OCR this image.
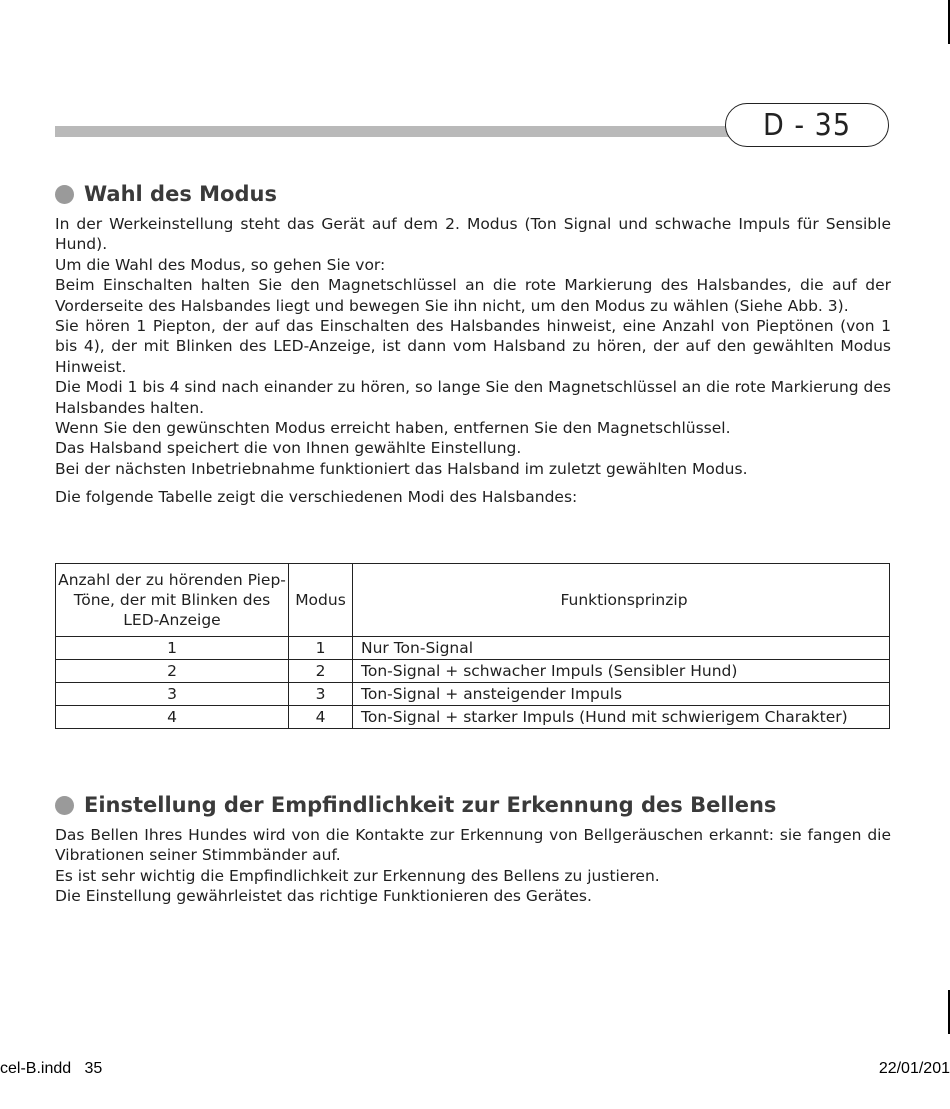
D - 35
Wahl des Modus

In der Werkeinstellung steht das Gerät auf dem 2. Modus (Ton Signal und schwache Impuls für Sensible Hund).

Um die Wahl des Modus, so gehen Sie vor:

Beim Einschalten halten Sie den Magnetschlüssel an die rote Markierung des Halsbandes, die auf der Vorderseite des Halsbandes liegt und bewegen Sie ihn nicht, um den Modus zu wählen (Siehe Abb. 3).

Sie hören 1 Piepton, der auf das Einschalten des Halsbandes hinweist, eine Anzahl von Pieptönen (von 1 bis 4), der mit Blinken des LED-Anzeige, ist dann vom Halsband zu hören, der auf den gewählten Modus Hinweist.

Die Modi 1 bis 4 sind nach einander zu hören, so lange Sie den Magnetschlüssel an die rote Markierung des Halsbandes halten.

Wenn Sie den gewünschten Modus erreicht haben, entfernen Sie den Magnetschlüssel.

Das Halsband speichert die von Ihnen gewählte Einstellung.

Bei der nächsten Inbetriebnahme funktioniert das Halsband im zuletzt gewählten Modus.

Die folgende Tabelle zeigt die verschiedenen Modi des Halsbandes:

Anzahl der zu hörenden Piep-Töne, der mit Blinken des LED-Anzeige	Modus	Funktionsprinzip
1	1	Nur Ton-Signal
2	2	Ton-Signal + schwacher Impuls (Sensibler Hund)
3	3	Ton-Signal + ansteigender Impuls
4	4	Ton-Signal + starker Impuls (Hund mit schwierigem Charakter)
Einstellung der Empfindlichkeit zur Erkennung des Bellens

Das Bellen Ihres Hundes wird von die Kontakte zur Erkennung von Bellgeräuschen erkannt: sie fangen die Vibrationen seiner Stimmbänder auf.

Es ist sehr wichtig die Empfindlichkeit zur Erkennung des Bellens zu justieren.

Die Einstellung gewährleistet das richtige Funktionieren des Gerätes.

cel-B.indd   35	22/01/201
